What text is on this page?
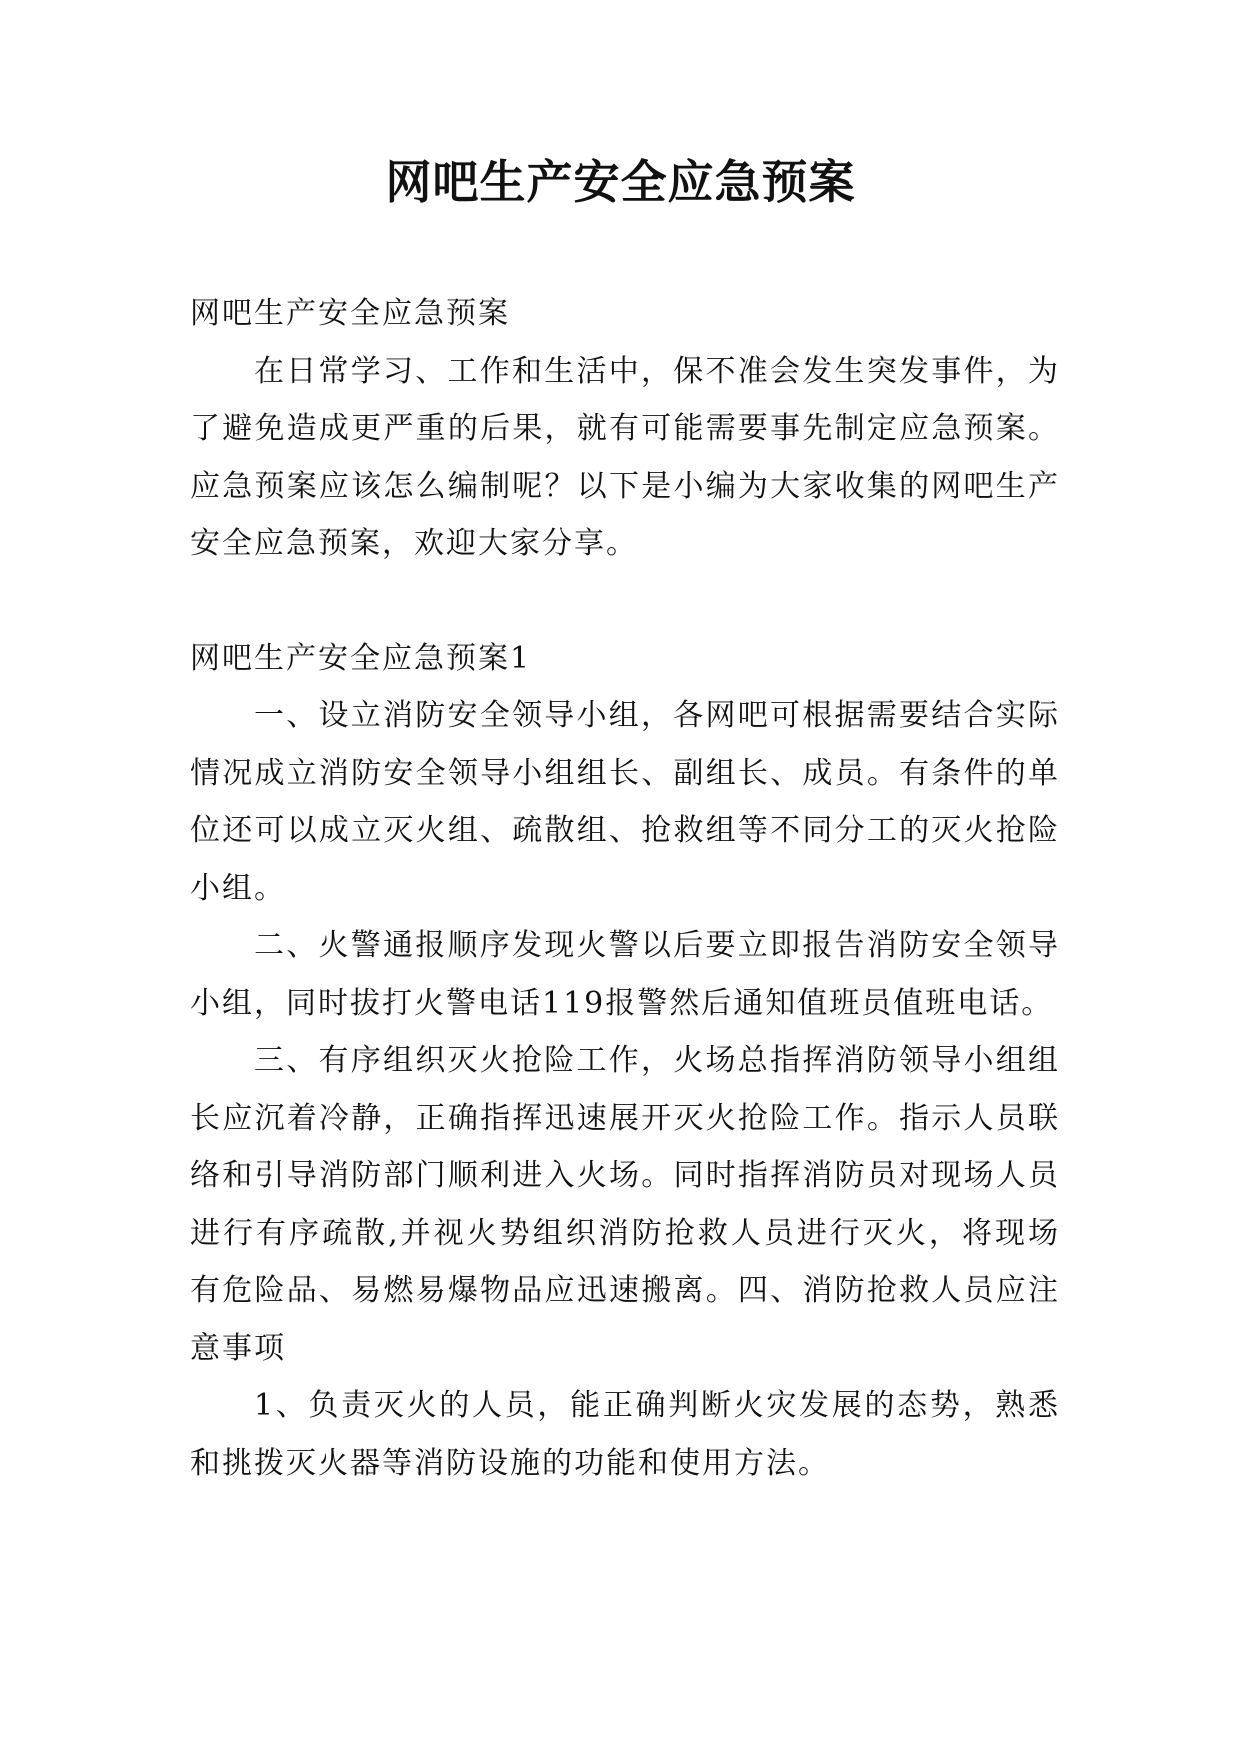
网吧生产安全应急预案

网吧生产安全应急预案

在日常学习、工作和生活中，保不准会发生突发事件，为了避免造成更严重的后果，就有可能需要事先制定应急预案。应急预案应该怎么编制呢？以下是小编为大家收集的网吧生产安全应急预案，欢迎大家分享。

网吧生产安全应急预案1

一、设立消防安全领导小组，各网吧可根据需要结合实际情况成立消防安全领导小组组长、副组长、成员。有条件的单位还可以成立灭火组、疏散组、抢救组等不同分工的灭火抢险小组。

二、火警通报顺序发现火警以后要立即报告消防安全领导小组，同时拔打火警电话119报警然后通知值班员值班电话。

三、有序组织灭火抢险工作，火场总指挥消防领导小组组长应沉着冷静，正确指挥迅速展开灭火抢险工作。指示人员联络和引导消防部门顺利进入火场。同时指挥消防员对现场人员进行有序疏散,并视火势组织消防抢救人员进行灭火，将现场有危险品、易燃易爆物品应迅速搬离。四、消防抢救人员应注意事项

1、负责灭火的人员，能正确判断火灾发展的态势，熟悉和挑拨灭火器等消防设施的功能和使用方法。
